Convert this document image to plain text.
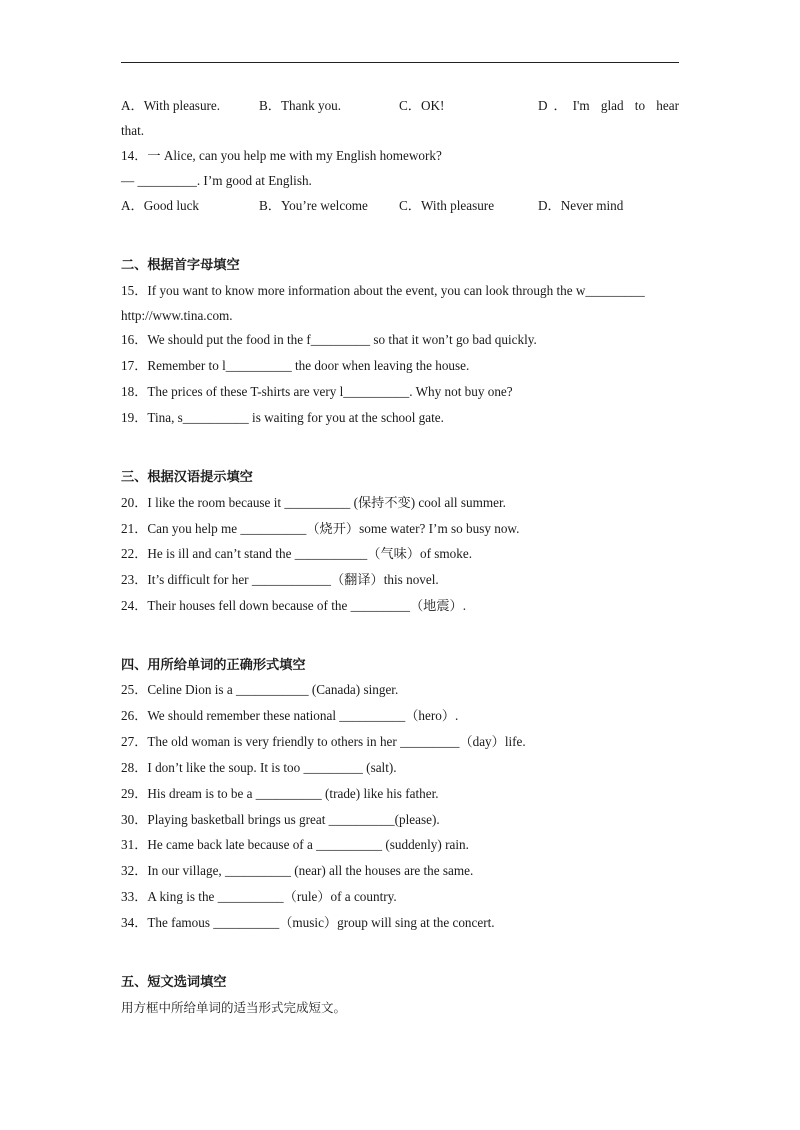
A．With pleasure.	B．Thank you.	C．OK!	D．I'm glad to hear
that.
14．一 Alice, can you help me with my English homework?
— _________. I’m good at English.
A．Good luck	B．You’re welcome C．With pleasure	D．Never mind
二、根据首字母填空
15．If you want to know more information about the event, you can look through the w_________
http://www.tina.com.
16．We should put the food in the f_________ so that it won’t go bad quickly.
17．Remember to l__________ the door when leaving the house.
18．The prices of these T-shirts are very l__________. Why not buy one?
19．Tina, s__________ is waiting for you at the school gate.
三、根据汉语提示填空
20．I like the room because it __________ (保持不变) cool all summer.
21．Can you help me __________（烧开）some water? I’m so busy now.
22．He is ill and can’t stand the ___________（气味）of smoke.
23．It’s difficult for her ____________（翻译）this novel.
24．Their houses fell down because of the _________（地震）.
四、用所给单词的正确形式填空
25．Celine Dion is a ___________ (Canada) singer.
26．We should remember these national __________（hero）.
27．The old woman is very friendly to others in her _________（day）life.
28．I don’t like the soup. It is too _________ (salt).
29．His dream is to be a __________ (trade) like his father.
30．Playing basketball brings us great __________(please).
31．He came back late because of a __________ (suddenly) rain.
32．In our village, __________ (near) all the houses are the same.
33．A king is the __________（rule）of a country.
34．The famous __________（music）group will sing at the concert.
五、短文选词填空
用方框中所给单词的适当形式完成短文。
